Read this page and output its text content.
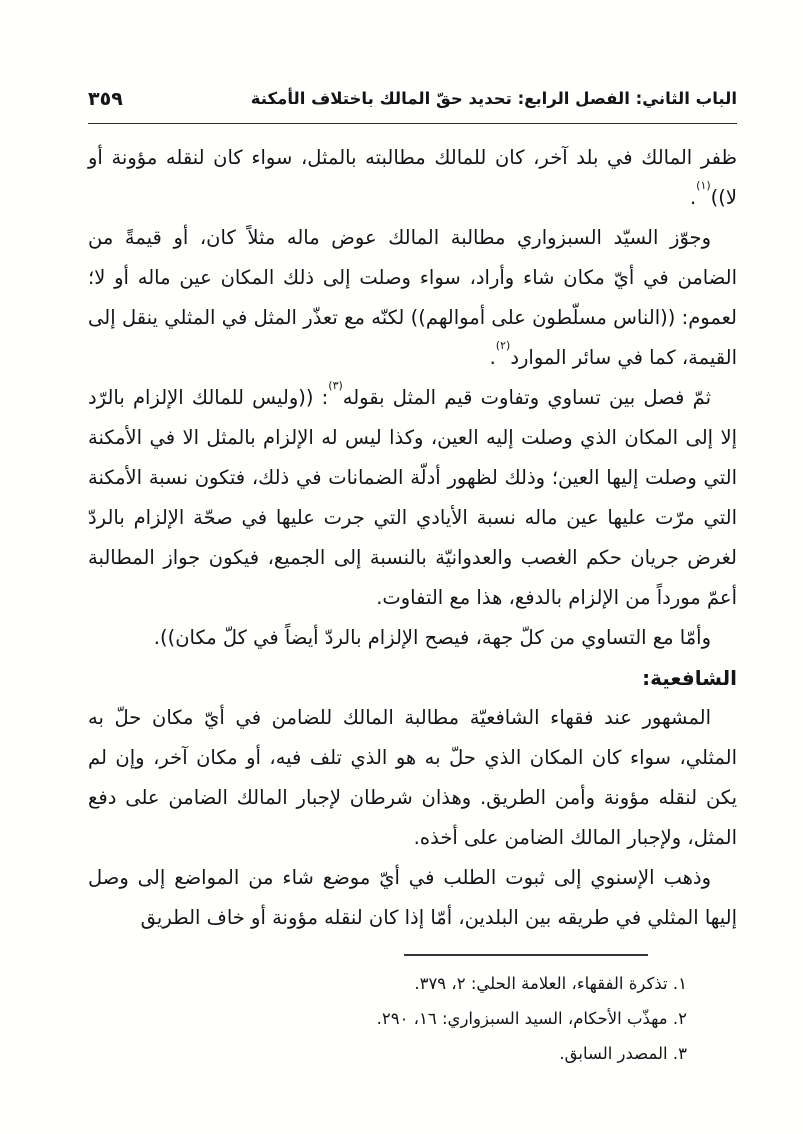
الباب الثاني: الفصل الرابع: تحديد حقّ المالك باختلاف الأمكنة
٣٥٩

ظفر المالك في بلد آخر، كان للمالك مطالبته بالمثل، سواء كان لنقله مؤونة أو لا))$^{(١)}$.

وجوّز السيّد السبزواري مطالبة المالك عوض ماله مثلاً كان، أو قيمةً من الضامن في أيّ مكان شاء وأراد، سواء وصلت إلى ذلك المكان عين ماله أو لا؛ لعموم: ((الناس مسلّطون على أموالهم)) لكنّه مع تعذّر المثل في المثلي ينقل إلى القيمة، كما في سائر الموارد$^{(٢)}$.

ثمّ فصل بين تساوي وتفاوت قيم المثل بقوله$^{(٣)}$: ((وليس للمالك الإلزام بالرّد إلا إلى المكان الذي وصلت إليه العين، وكذا ليس له الإلزام بالمثل الا في الأمكنة التي وصلت إليها العين؛ وذلك لظهور أدلّة الضمانات في ذلك، فتكون نسبة الأمكنة التي مرّت عليها عين ماله نسبة الأيادي التي جرت عليها في صحّة الإلزام بالردّ لغرض جريان حكم الغصب والعدوانيّة بالنسبة إلى الجميع، فيكون جواز المطالبة أعمّ مورداً من الإلزام بالدفع، هذا مع التفاوت.

وأمّا مع التساوي من كلّ جهة، فيصح الإلزام بالردّ أيضاً في كلّ مكان)).

الشافعية:

المشهور عند فقهاء الشافعيّة مطالبة المالك للضامن في أيّ مكان حلّ به المثلي، سواء كان المكان الذي حلّ به هو الذي تلف فيه، أو مكان آخر، وإن لم يكن لنقله مؤونة وأمن الطريق. وهذان شرطان لإجبار المالك الضامن على دفع المثل، ولإجبار المالك الضامن على أخذه.

وذهب الإسنوي إلى ثبوت الطلب في أيّ موضع شاء من المواضع إلى وصل إليها المثلي في طريقه بين البلدين، أمّا إذا كان لنقله مؤونة أو خاف الطريق

١. تذكرة الفقهاء، العلامة الحلي: ٢، ٣٧٩.
٢. مهذّب الأحكام، السيد السبزواري: ١٦، ٢٩٠.
٣. المصدر السابق.
